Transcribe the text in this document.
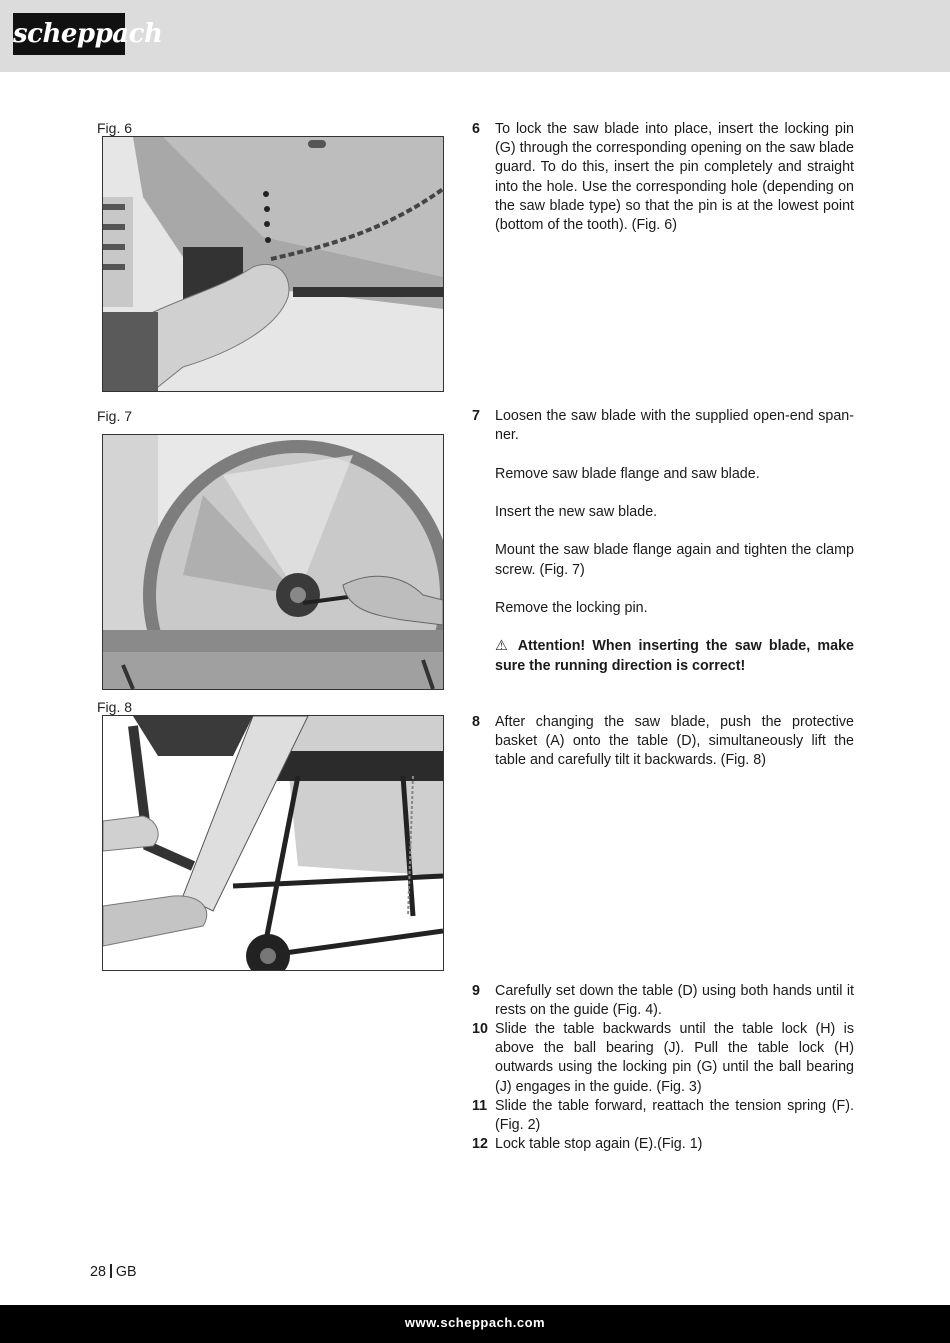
scheppach
Fig. 6	6	To lock the saw blade into place, insert the locking pin (G) through the corresponding opening on the saw blade guard. To do this, insert the pin completely and straight into the hole. Use the corresponding hole (depending on the saw blade type) so that the pin is at the lowest point (bottom of the tooth). (Fig. 6)

Fig. 7	7	Loosen the saw blade with the supplied open-end span-ner.

Remove saw blade flange and saw blade.

Insert the new saw blade.

Mount the saw blade flange again and tighten the clamp screw. (Fig. 7)

Remove the locking pin.

⚠ Attention! When inserting the saw blade, make sure the running direction is correct!

Fig. 8
8	After changing the saw blade, push the protective basket (A) onto the table (D), simultaneously lift the table and carefully tilt it backwards. (Fig. 8)

9	Carefully set down the table (D) using both hands until it rests on the guide (Fig. 4).

10 Slide the table backwards until the table lock (H) is above the ball bearing (J). Pull the table lock (H) outwards using the locking pin (G) until the ball bearing (J) engages in the guide. (Fig. 3)

11 Slide the table forward, reattach the tension spring (F). (Fig. 2)

12 Lock table stop again (E).(Fig. 1)

28 GB
www.scheppach.com
